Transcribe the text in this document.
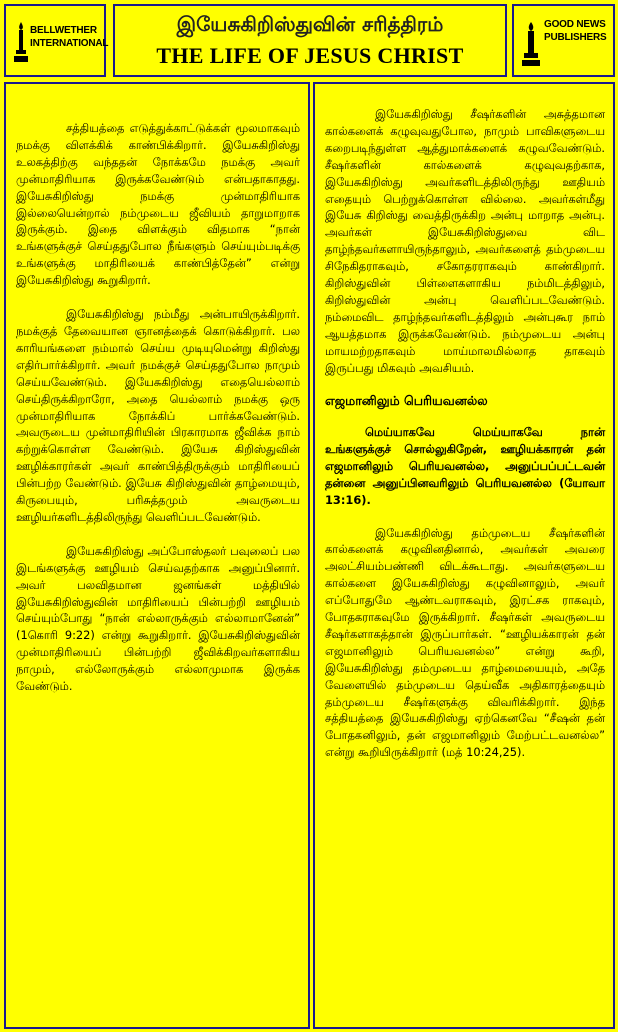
BELLWETHER
INTERNATIONAL
இயேசுகிறிஸ்துவின் சரித்திரம்
THE LIFE OF JESUS CHRIST
GOOD NEWS
PUBLISHERS

சத்தியத்தை எடுத்துக்காட்டுக்கள் மூலமாகவும் நமக்கு விளக்கிக் காண்பிக்கிறார். இயேசுகிறிஸ்து உலகத்திற்கு வந்ததன் நோக்கமே நமக்கு அவர் முன்மாதிரியாக இருக்கவேண்டும் என்பதாகாதது. இயேசுகிறிஸ்து நமக்கு முன்மாதிரியாக இல்லையென்றால் நம்முடைய ஜீவியம் தாறுமாறாக இருக்கும். இதை விளக்கும் விதமாக “நான் உங்களுக்குச் செய்ததுபோல நீங்களும் செய்யும்படிக்கு உங்களுக்கு மாதிரியைக் காண்பித்தேன்” என்று இயேசுகிறிஸ்து கூறுகிறார்.

இயேசுகிறிஸ்து நம்மீது அன்பாயிருக்கிறார். நமக்குத் தேவையான ஞானத்தைக் கொடுக்கிறார். பல காரியங்களை நம்மால் செய்ய முடியுமென்று கிறிஸ்து எதிர்பார்க்கிறார். அவர் நமக்குச் செய்ததுபோல நாமும் செய்யவேண்டும். இயேசுகிறிஸ்து எதையெல்லாம் செய்திருக்கிறாரோ, அதை யெல்லாம் நமக்கு ஒரு முன்மாதிரியாக நோக்கிப் பார்க்கவேண்டும். அவருடைய முன்மாதிரியின் பிரகாரமாக ஜீவிக்க நாம் கற்றுக்கொள்ள வேண்டும். இயேசு கிறிஸ்துவின் ஊழிக்காரர்கள் அவர் காண்பித்திருக்கும் மாதிரியைப் பின்பற்ற வேண்டும். இயேசு கிறிஸ்துவின் தாழ்மையும், கிருபையும், பரிசுத்தமும் அவருடைய ஊழியர்களிடத்திலிருந்து வெளிப்படவேண்டும்.

இயேசுகிறிஸ்து அப்போஸ்தலர் பவுலைப் பல இடங்களுக்கு ஊழியம் செய்வதற்காக அனுப்பினார். அவர் பலவிதமான ஜனங்கள் மத்தியில் இயேசுகிறிஸ்துவின் மாதிரியைப் பின்பற்றி ஊழியம் செய்யும்போது “நான் எல்லாருக்கும் எல்லாமானேன்” (1கொரி 9:22) என்று கூறுகிறார். இயேசுகிறிஸ்துவின் முன்மாதிரியைப் பின்பற்றி ஜீவிக்கிறவர்களாகிய நாமும், எல்லோருக்கும் எல்லாமுமாக இருக்க வேண்டும்.

இயேசுகிறிஸ்து சீஷர்களின் அசுத்தமான கால்களைக் கழுவுவதுபோல, நாமும் பாவிகளுடைய கறைபடிந்துள்ள ஆத்துமாக்களைக் கழுவவேண்டும். சீஷர்களின் கால்களைக் கழுவுவதற்காக, இயேசுகிறிஸ்து அவர்களிடத்திலிருந்து ஊதியம் எதையும் பெற்றுக்கொள்ள வில்லை. அவர்கள்மீது இயேசு கிறிஸ்து வைத்திருக்கிற அன்பு மாறாத அன்பு. அவர்கள் இயேசுகிறிஸ்துவை விட தாழ்ந்தவர்களாயிருந்தாலும், அவர்களைத் தம்முடைய சிநேகிதராகவும், சகோதரராகவும் காண்கிறார். கிறிஸ்துவின் பிள்ளைகளாகிய நம்மிடத்திலும், கிறிஸ்துவின் அன்பு வெளிப்படவேண்டும். நம்மைவிட தாழ்ந்தவர்களிடத்திலும் அன்புகூர நாம் ஆயத்தமாக இருக்கவேண்டும். நம்முடைய அன்பு மாயமற்றதாகவும் மாய்மாலமில்லாத தாகவும் இருப்பது மிகவும் அவசியம்.

எஜமானிலும் பெரியவனல்ல

மெய்யாகவே மெய்யாகவே நான் உங்களுக்குச் சொல்லுகிறேன், ஊழியக்காரன் தன் எஜமானிலும் பெரியவனல்ல, அனுப்பப்பட்டவன் தன்னை அனுப்பினவரிலும் பெரியவனல்ல (யோவா 13:16).

இயேசுகிறிஸ்து தம்முடைய சீஷர்களின் கால்களைக் கழுவினதினால், அவர்கள் அவரை அலட்சியம்பண்ணி விடக்கூடாது. அவர்களுடைய கால்களை இயேசுகிறிஸ்து கழுவினாலும், அவர் எப்போதுமே ஆண்டவராகவும், இரட்சக ராகவும், போதகராகவுமே இருக்கிறார். சீஷர்கள் அவருடைய சீஷர்களாகத்தான் இருப்பார்கள். “ஊழியக்காரன் தன் எஜமானிலும் பெரியவனல்ல” என்று கூறி, இயேசுகிறிஸ்து தம்முடைய தாழ்மையையும், அதே வேளையில் தம்முடைய தெய்வீக அதிகாரத்தையும் தம்முடைய சீஷர்களுக்கு விவரிக்கிறார். இந்த சத்தியத்தை இயேசுகிறிஸ்து ஏற்கெனவே “சீஷன் தன் போதகனிலும், தன் எஜமானிலும் மேற்பட்டவனல்ல” என்று கூறியிருக்கிறார் (மத் 10:24,25).
